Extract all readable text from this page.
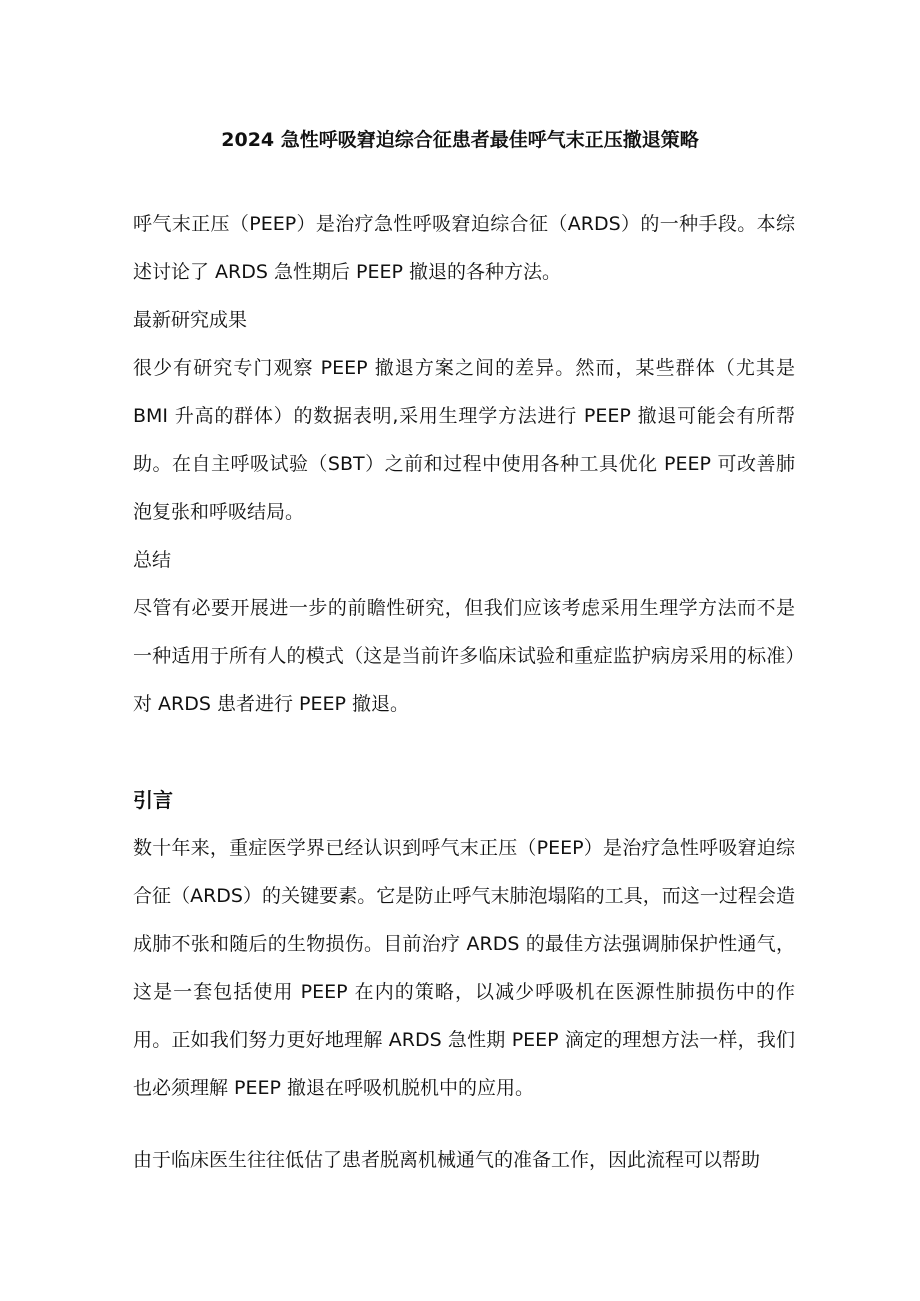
2024 急性呼吸窘迫综合征患者最佳呼气末正压撤退策略

呼气末正压（PEEP）是治疗急性呼吸窘迫综合征（ARDS）的一种手段。本综述讨论了 ARDS 急性期后 PEEP 撤退的各种方法。

最新研究成果

很少有研究专门观察 PEEP 撤退方案之间的差异。然而，某些群体（尤其是 BMI 升高的群体）的数据表明,采用生理学方法进行 PEEP 撤退可能会有所帮助。在自主呼吸试验（SBT）之前和过程中使用各种工具优化 PEEP 可改善肺泡复张和呼吸结局。

总结

尽管有必要开展进一步的前瞻性研究，但我们应该考虑采用生理学方法而不是一种适用于所有人的模式（这是当前许多临床试验和重症监护病房采用的标准）对 ARDS 患者进行 PEEP 撤退。

引言

数十年来，重症医学界已经认识到呼气末正压（PEEP）是治疗急性呼吸窘迫综合征（ARDS）的关键要素。它是防止呼气末肺泡塌陷的工具，而这一过程会造成肺不张和随后的生物损伤。目前治疗 ARDS 的最佳方法强调肺保护性通气，这是一套包括使用 PEEP 在内的策略，以减少呼吸机在医源性肺损伤中的作用。正如我们努力更好地理解 ARDS 急性期 PEEP 滴定的理想方法一样，我们也必须理解 PEEP 撤退在呼吸机脱机中的应用。

由于临床医生往往低估了患者脱离机械通气的准备工作，因此流程可以帮助
